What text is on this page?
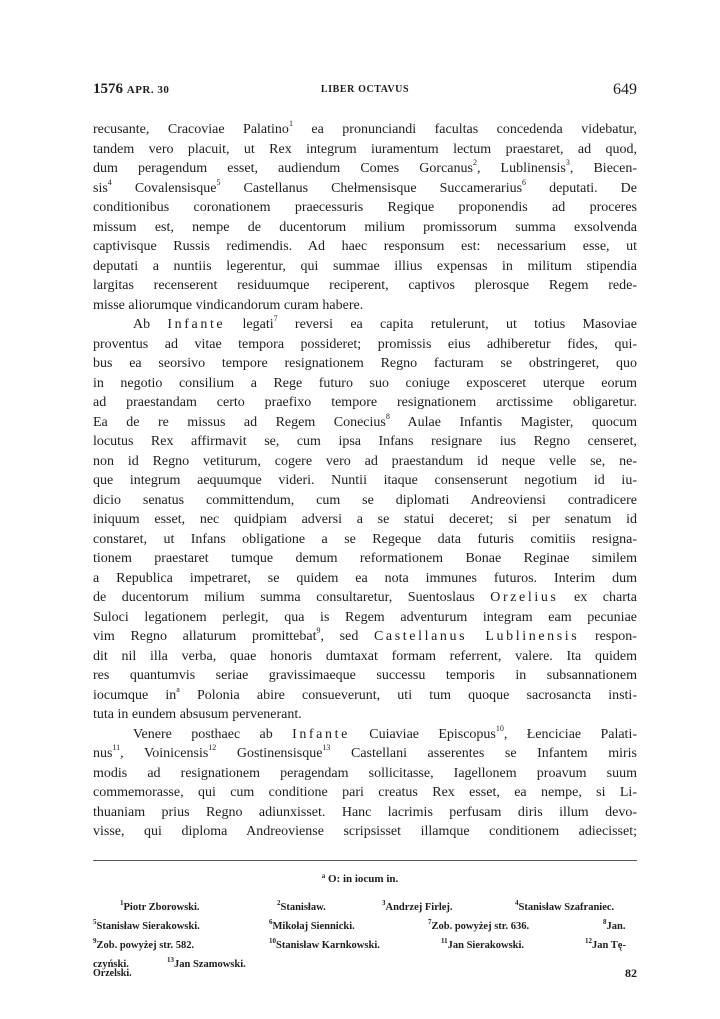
1576 APR. 30	LIBER OCTAVUS	649
recusante, Cracoviae Palatino$^1$ ea pronunciandi facultas concedenda videbatur,
tandem vero placuit, ut Rex integrum iuramentum lectum praestaret, ad quod,
dum peragendum esset, audiendum Comes Gorcanus$^2$, Lublinensis$^3$, Biecen-
sis$^4$ Covalensisque$^5$ Castellanus Chełmensisque Succamerarius$^6$ deputati. De
conditionibus coronationem praecessuris Regique proponendis ad proceres
missum est, nempe de ducentorum milium promissorum summa exsolvenda
captivisque Russis redimendis. Ad haec responsum est: necessarium esse, ut
deputati a nuntiis legerentur, qui summae illius expensas in militum stipendia
largitas recenserent residuumque reciperent, captivos plerosque Regem rede-
misse aliorumque vindicandorum curam habere.
Ab Infante legati$^7$ reversi ea capita retulerunt, ut totius Masoviae
proventus ad vitae tempora possideret; promissis eius adhiberetur fides, qui-
bus ea seorsivo tempore resignationem Regno facturam se obstringeret, quo
in negotio consilium a Rege futuro suo coniuge exposceret uterque eorum
ad praestandam certo praefixo tempore resignationem arctissime obligaretur.
Ea de re missus ad Regem Conecius$^8$ Aulae Infantis Magister, quocum
locutus Rex affirmavit se, cum ipsa Infans resignare ius Regno censeret,
non id Regno vetiturum, cogere vero ad praestandum id neque velle se, ne-
que integrum aequumque videri. Nuntii itaque consenserunt negotium id iu-
dicio senatus committendum, cum se diplomati Andreoviensi contradicere
iniquum esset, nec quidpiam adversi a se statui deceret; si per senatum id
constaret, ut Infans obligatione a se Regeque data futuris comitiis resigna-
tionem praestaret tumque demum reformationem Bonae Reginae similem
a Republica impetraret, se quidem ea nota immunes futuros. Interim dum
de ducentorum milium summa consultaretur, Suentoslaus Orzelius ex charta
Suloci legationem perlegit, qua is Regem adventurum integram eam pecuniae
vim Regno allaturum promittebat$^9$, sed Castellanus Lublinensis respon-
dit nil illa verba, quae honoris dumtaxat formam referrent, valere. Ita quidem
res quantumvis seriae gravissimaeque successu temporis in subsannationem
iocumque $in^a$ Polonia abire consueverunt, uti tum quoque sacrosancta insti-
tuta in eundem absusum pervenerant.
Venere posthaec ab Infante Cuiaviae Episcopus$^{10}$, Łenciciae Palati-
nus$^{11}$, Voinicensis$^{12}$ Gostinensisque$^{13}$ Castellani asserentes se Infantem miris
modis ad resignationem peragendam sollicitasse, Iagellonem proavum suum
commemorasse, qui cum conditione pari creatus Rex esset, ea nempe, si Li-
thuaniam prius Regno adiunxisset. Hanc lacrimis perfusam diris illum devo-
visse, qui diploma Andreoviense scripsisset illamque conditionem adiecisset;
$^a$ O: in iocum in.
$^1$ Piotr Zborowski.	$^2$ Stanisław.	$^3$ Andrzej Firlej.	$^4$ Stanisław Szafraniec.
$^5$ Stanisław Sierakowski.	$^6$ Mikołaj Siennicki.	$^7$ Zob. powyżej str. 636.	$^8$ Jan.
$^9$ Zob. powyżej str. 582.	$^{10}$ Stanisław Karnkowski.	$^{11}$ Jan Sierakowski.	$^{12}$ Jan Tę-
czyński.	$^{13}$ Jan Szamowski.
Orzelski.	82
